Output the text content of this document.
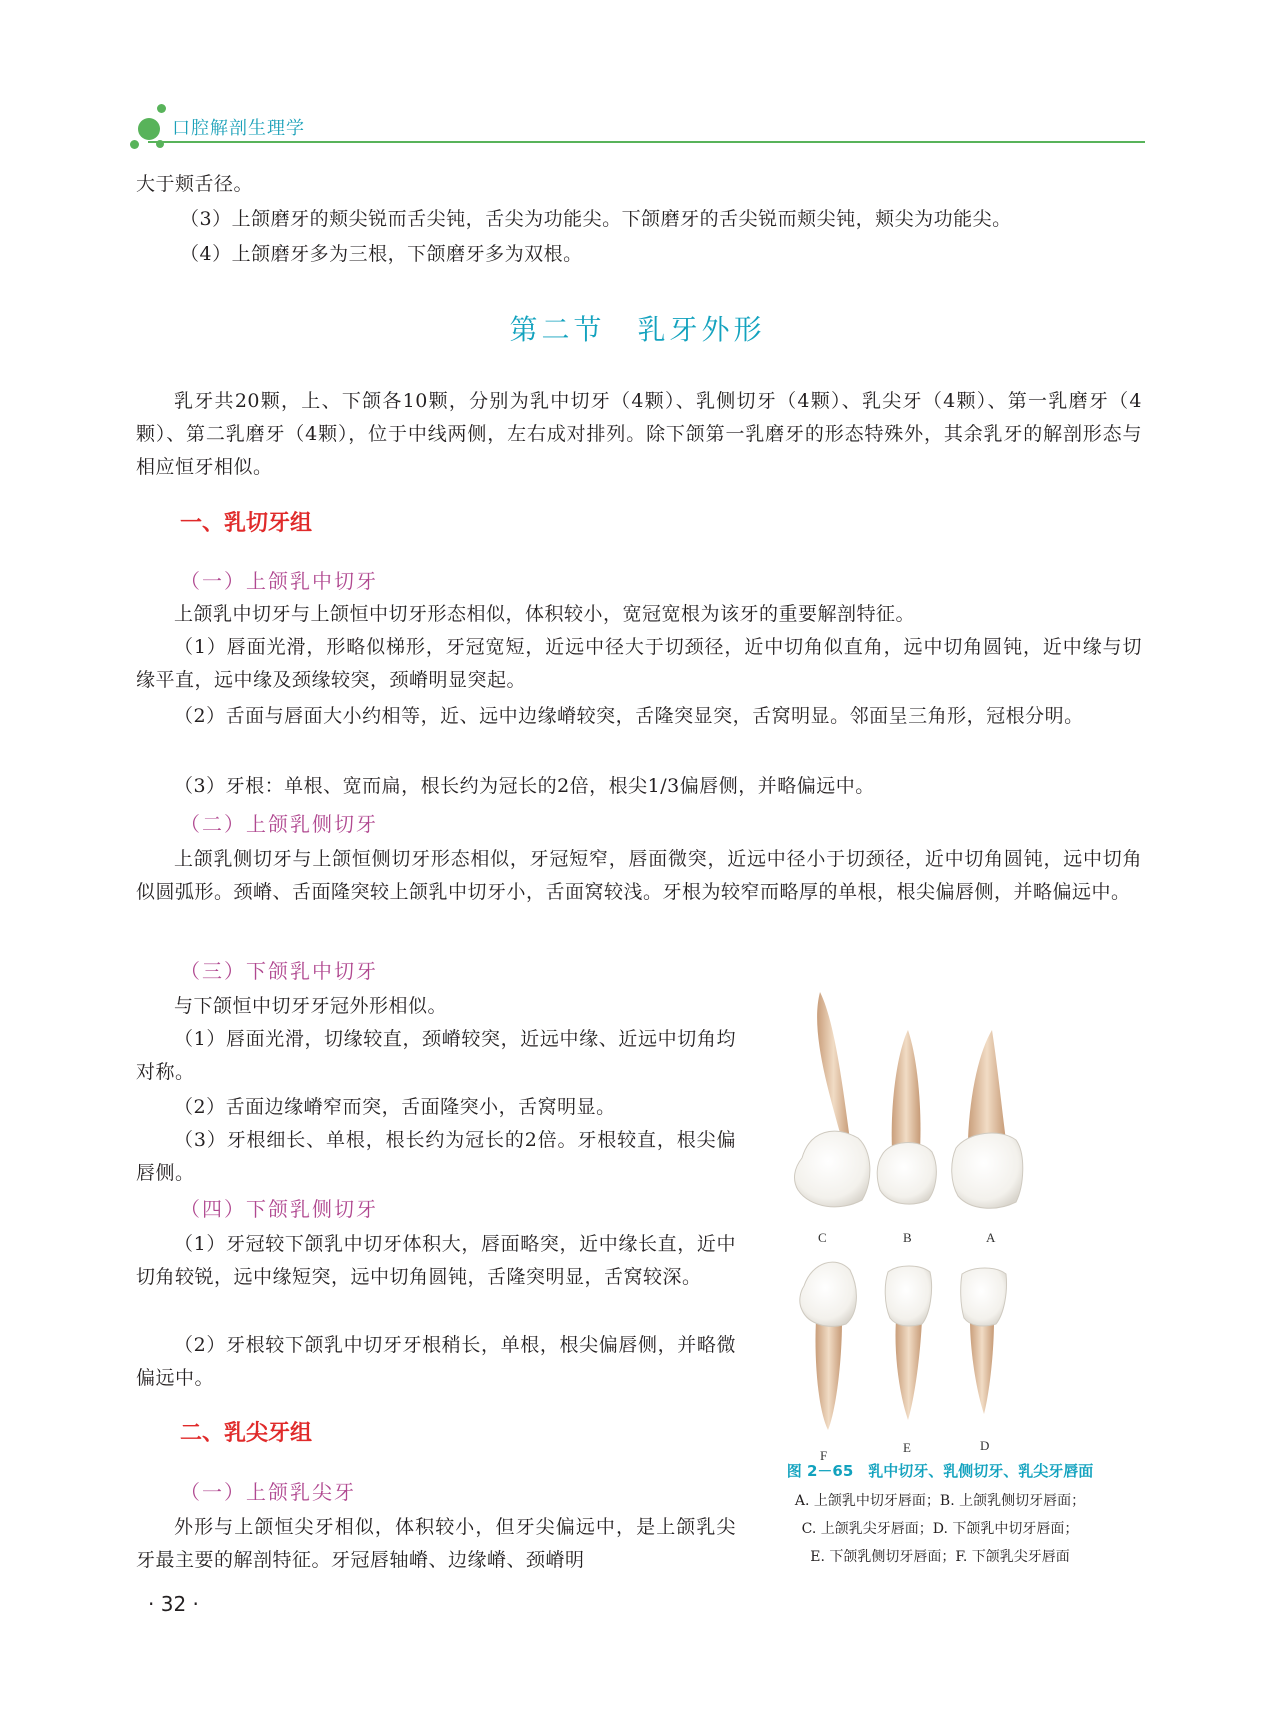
口腔解剖生理学
大于颊舌径。
（3）上颌磨牙的颊尖锐而舌尖钝，舌尖为功能尖。下颌磨牙的舌尖锐而颊尖钝，颊尖为功能尖。
（4）上颌磨牙多为三根，下颌磨牙多为双根。
第二节　乳牙外形
乳牙共20颗，上、下颌各10颗，分别为乳中切牙（4颗）、乳侧切牙（4颗）、乳尖牙（4颗）、第一乳磨牙（4颗）、第二乳磨牙（4颗），位于中线两侧，左右成对排列。除下颌第一乳磨牙的形态特殊外，其余乳牙的解剖形态与相应恒牙相似。
一、乳切牙组
（一）上颌乳中切牙
上颌乳中切牙与上颌恒中切牙形态相似，体积较小，宽冠宽根为该牙的重要解剖特征。
（1）唇面光滑，形略似梯形，牙冠宽短，近远中径大于切颈径，近中切角似直角，远中切角圆钝，近中缘与切缘平直，远中缘及颈缘较突，颈嵴明显突起。
（2）舌面与唇面大小约相等，近、远中边缘嵴较突，舌隆突显突，舌窝明显。邻面呈三角形，冠根分明。
（3）牙根：单根、宽而扁，根长约为冠长的2倍，根尖1/3偏唇侧，并略偏远中。
（二）上颌乳侧切牙
上颌乳侧切牙与上颌恒侧切牙形态相似，牙冠短窄，唇面微突，近远中径小于切颈径，近中切角圆钝，远中切角似圆弧形。颈嵴、舌面隆突较上颌乳中切牙小，舌面窝较浅。牙根为较窄而略厚的单根，根尖偏唇侧，并略偏远中。
（三）下颌乳中切牙
与下颌恒中切牙牙冠外形相似。
（1）唇面光滑，切缘较直，颈嵴较突，近远中缘、近远中切角均对称。
（2）舌面边缘嵴窄而突，舌面隆突小，舌窝明显。
（3）牙根细长、单根，根长约为冠长的2倍。牙根较直，根尖偏唇侧。
（四）下颌乳侧切牙
（1）牙冠较下颌乳中切牙体积大，唇面略突，近中缘长直，近中切角较锐，远中缘短突，远中切角圆钝，舌隆突明显，舌窝较深。
（2）牙根较下颌乳中切牙牙根稍长，单根，根尖偏唇侧，并略微偏远中。
二、乳尖牙组
（一）上颌乳尖牙
外形与上颌恒尖牙相似，体积较小，但牙尖偏远中，是上颌乳尖牙最主要的解剖特征。牙冠唇轴嵴、边缘嵴、颈嵴明
C	B	A
F
E	D
图 2－65　乳中切牙、乳侧切牙、乳尖牙唇面
A. 上颌乳中切牙唇面；B. 上颌乳侧切牙唇面；
C. 上颌乳尖牙唇面；D. 下颌乳中切牙唇面；
E. 下颌乳侧切牙唇面；F. 下颌乳尖牙唇面
· 32 ·
